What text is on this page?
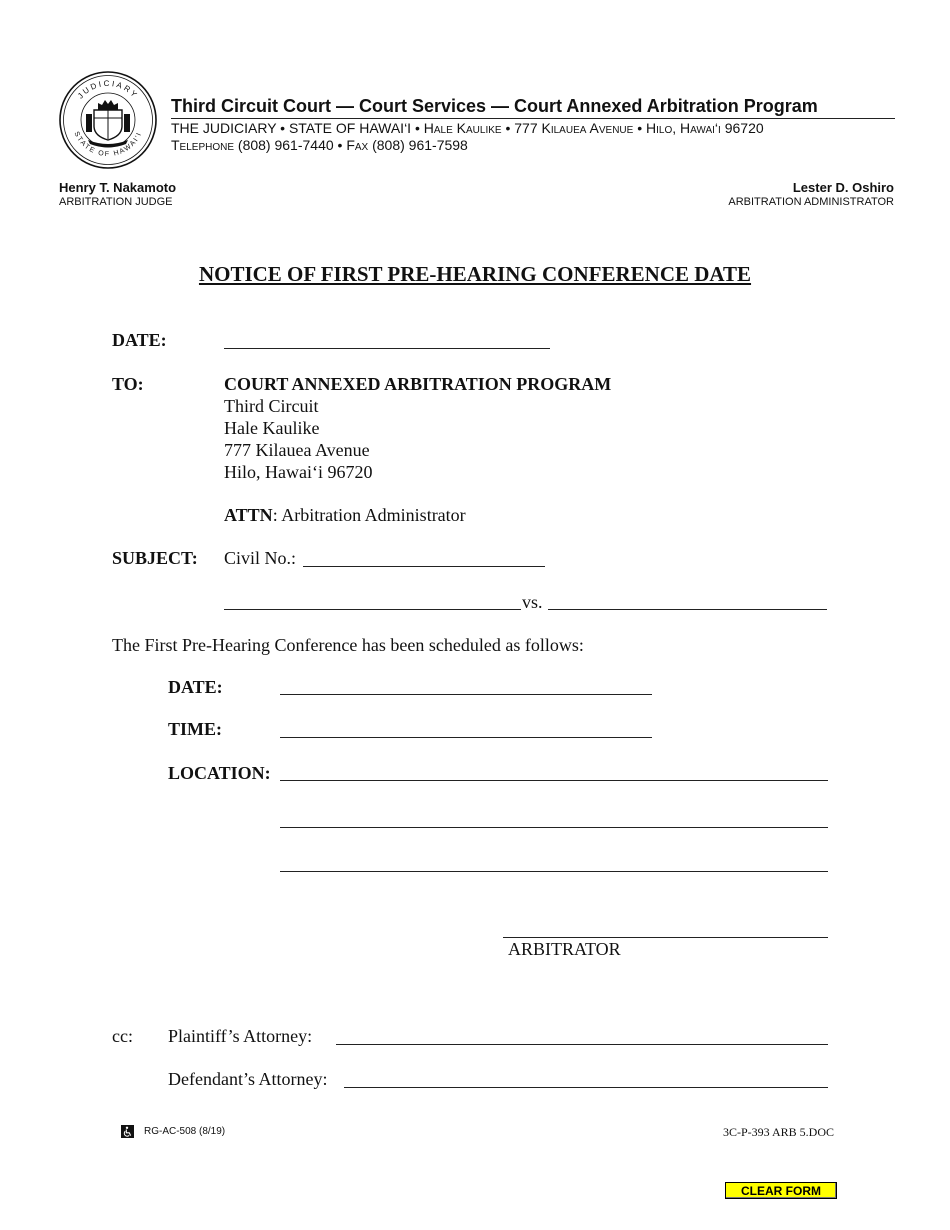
JUDICIARY
STATE OF HAWAI‘I
Third Circuit Court — Court Services — Court Annexed Arbitration Program
THE JUDICIARY • STATE OF HAWAI‘I • Hale Kaulike • 777 Kilauea Avenue • Hilo, Hawai‘i 96720
Telephone (808) 961-7440 • Fax (808) 961-7598
Henry T. Nakamoto
ARBITRATION JUDGE
Lester D. Oshiro
ARBITRATION ADMINISTRATOR
NOTICE OF FIRST PRE-HEARING CONFERENCE DATE
DATE:
TO:	COURT ANNEXED ARBITRATION PROGRAM
Third Circuit
Hale Kaulike
777 Kilauea Avenue
Hilo, Hawai‘i 96720
ATTN: Arbitration Administrator
SUBJECT: Civil No.:
vs.
The First Pre-Hearing Conference has been scheduled as follows:
DATE:
TIME:
LOCATION:
ARBITRATOR
cc: Plaintiff’s Attorney:
Defendant’s Attorney:
RG-AC-508 (8/19)	3C-P-393 ARB 5.DOC
CLEAR FORM
